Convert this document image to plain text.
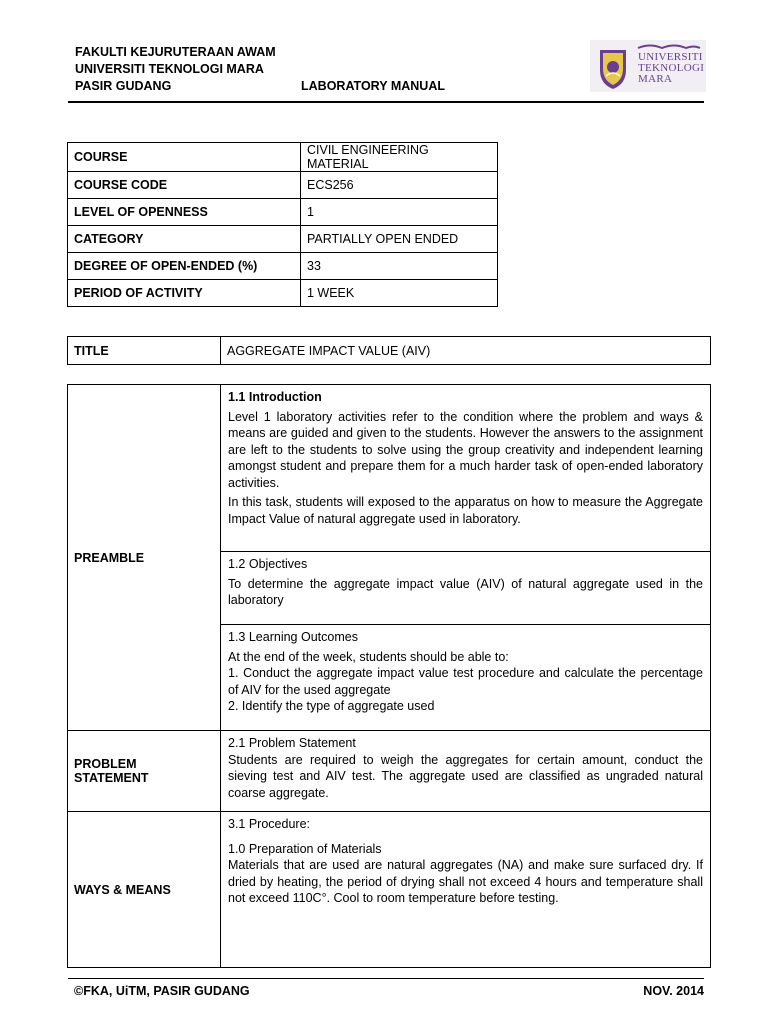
FAKULTI KEJURUTERAAN AWAM
UNIVERSITI TEKNOLOGI MARA
PASIR GUDANG	LABORATORY MANUAL
UNIVERSITI
TEKNOLOGI
MARA
COURSE	CIVIL ENGINEERING MATERIAL
COURSE CODE	ECS256
LEVEL OF OPENNESS	1
CATEGORY	PARTIALLY OPEN ENDED
DEGREE OF OPEN-ENDED (%)	33
PERIOD OF ACTIVITY	1 WEEK
TITLE	AGGREGATE IMPACT VALUE (AIV)
PREAMBLE	1.1 Introduction

Level 1 laboratory activities refer to the condition where the problem and ways & means are guided and given to the students. However the answers to the assignment are left to the students to solve using the group creativity and independent learning amongst student and prepare them for a much harder task of open-ended laboratory activities.

In this task, students will exposed to the apparatus on how to measure the Aggregate Impact Value of natural aggregate used in laboratory.

	1.2 Objectives

To determine the aggregate impact value (AIV) of natural aggregate used in the laboratory

	1.3 Learning Outcomes

At the end of the week, students should be able to:

1. Conduct the aggregate impact value test procedure and calculate the percentage of AIV for the used aggregate

2. Identify the type of aggregate used

PROBLEM STATEMENT	2.1 Problem Statement

Students are required to weigh the aggregates for certain amount, conduct the sieving test and AIV test. The aggregate used are classified as ungraded natural coarse aggregate.

WAYS & MEANS	3.1 Procedure:
1.0 Preparation of Materials

Materials that are used are natural aggregates (NA) and make sure surfaced dry. If dried by heating, the period of drying shall not exceed 4 hours and temperature shall not exceed 110C°. Cool to room temperature before testing.

©FKA, UiTM, PASIR GUDANG	NOV. 2014
